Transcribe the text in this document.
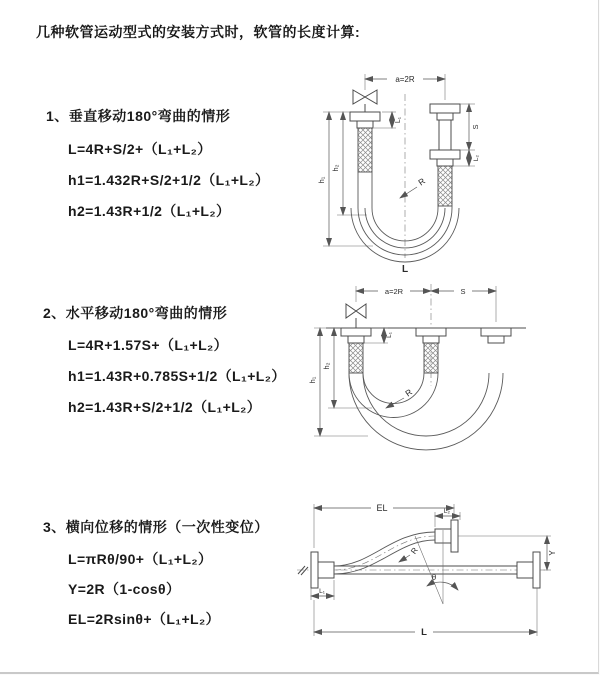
几种软管运动型式的安装方式时，软管的长度计算:
1、垂直移动180°弯曲的情形
L=4R+S/2+（L₁+L₂）
h1=1.432R+S/2+1/2（L₁+L₂）
h2=1.43R+1/2（L₁+L₂）
2、水平移动180°弯曲的情形
L=4R+1.57S+（L₁+L₂）
h1=1.43R+0.785S+1/2（L₁+L₂）
h2=1.43R+S/2+1/2（L₁+L₂）
3、横向位移的情形（一次性变位）
L=πRθ/90+（L₁+L₂）
Y=2R（1-cosθ）
EL=2Rsinθ+（L₁+L₂）
a=2R
L₁
S
L₂
h₁
h₂
R
L
a=2R	S
L₁
h₁
h₂
R
EL	L₂
Y
L₁
L
R
θ
